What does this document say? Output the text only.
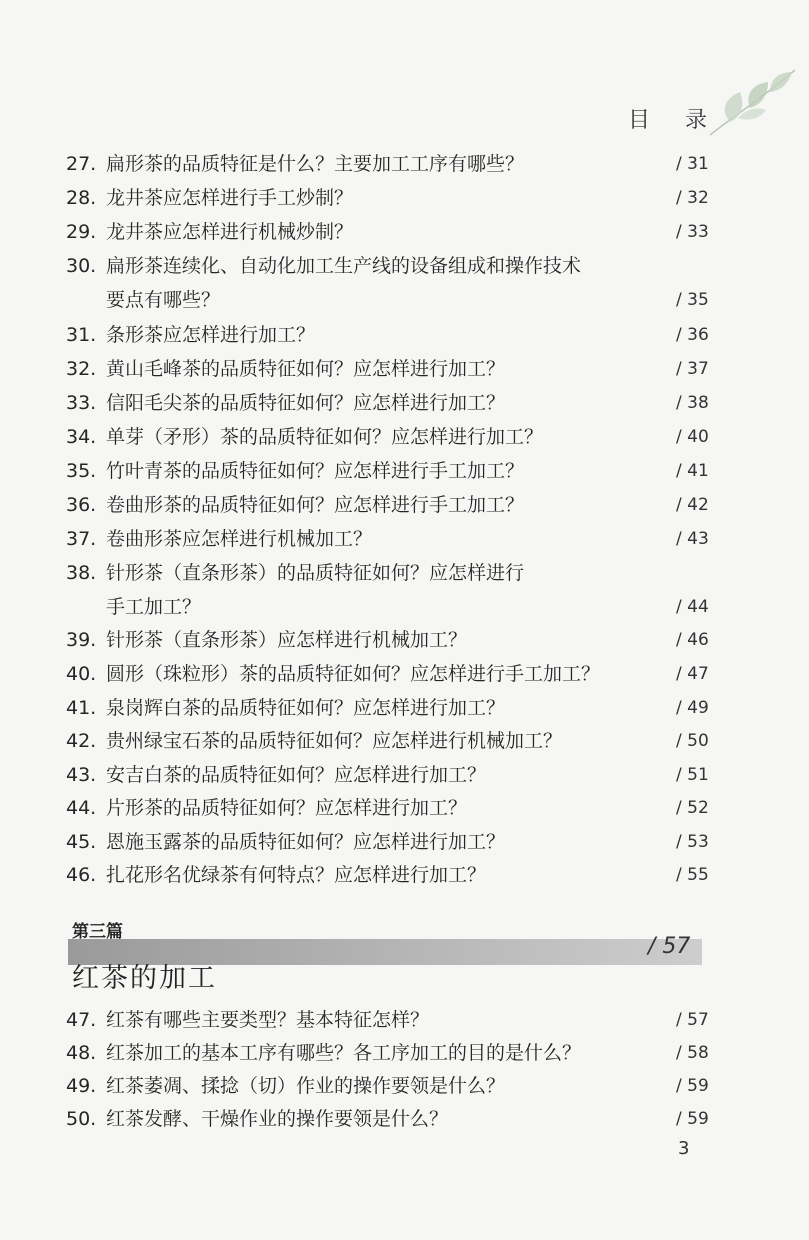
目 录
27. 扁形茶的品质特征是什么？主要加工工序有哪些？	/ 31
28. 龙井茶应怎样进行手工炒制？	/ 32
29. 龙井茶应怎样进行机械炒制？	/ 33
30. 扁形茶连续化、自动化加工生产线的设备组成和操作技术
要点有哪些？	/ 35
31. 条形茶应怎样进行加工？	/ 36
32. 黄山毛峰茶的品质特征如何？应怎样进行加工？	/ 37
33. 信阳毛尖茶的品质特征如何？应怎样进行加工？	/ 38
34. 单芽（矛形）茶的品质特征如何？应怎样进行加工？	/ 40
35. 竹叶青茶的品质特征如何？应怎样进行手工加工？	/ 41
36. 卷曲形茶的品质特征如何？应怎样进行手工加工？	/ 42
37. 卷曲形茶应怎样进行机械加工？	/ 43
38. 针形茶（直条形茶）的品质特征如何？应怎样进行
手工加工？	/ 44
39. 针形茶（直条形茶）应怎样进行机械加工？	/ 46
40. 圆形（珠粒形）茶的品质特征如何？应怎样进行手工加工？	/ 47
41. 泉岗辉白茶的品质特征如何？应怎样进行加工？	/ 49
42. 贵州绿宝石茶的品质特征如何？应怎样进行机械加工？	/ 50
43. 安吉白茶的品质特征如何？应怎样进行加工？	/ 51
44. 片形茶的品质特征如何？应怎样进行加工？	/ 52
45. 恩施玉露茶的品质特征如何？应怎样进行加工？	/ 53
46. 扎花形名优绿茶有何特点？应怎样进行加工？	/ 55
第三篇
红茶的加工
/ 57
47. 红茶有哪些主要类型？基本特征怎样？	/ 57
48. 红茶加工的基本工序有哪些？各工序加工的目的是什么？	/ 58
49. 红茶萎凋、揉捻（切）作业的操作要领是什么？	/ 59
50. 红茶发酵、干燥作业的操作要领是什么？	/ 59
3
